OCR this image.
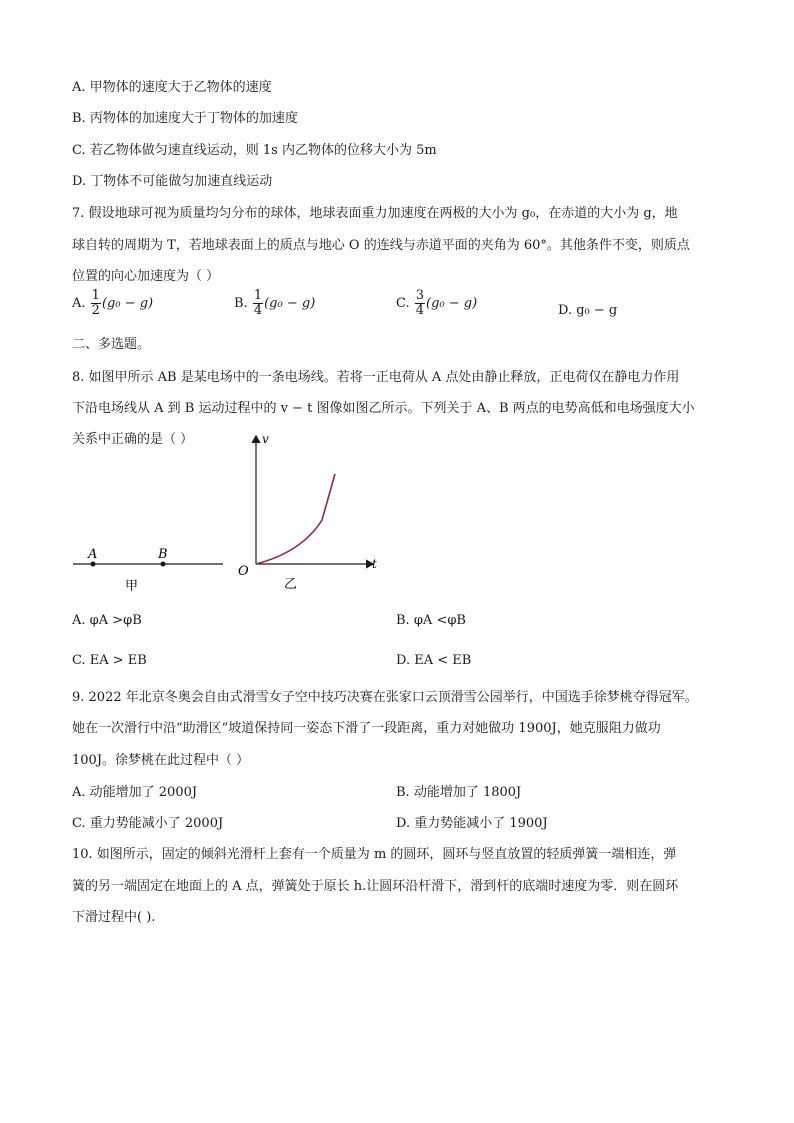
A. 甲物体的速度大于乙物体的速度
B. 丙物体的加速度大于丁物体的加速度
C. 若乙物体做匀速直线运动，则 1s 内乙物体的位移大小为 5m
D. 丁物体不可能做匀加速直线运动
7. 假设地球可视为质量均匀分布的球体，地球表面重力加速度在两极的大小为 g₀，在赤道的大小为 g，地
球自转的周期为 T，若地球表面上的质点与地心 O 的连线与赤道平面的夹角为 60°。其他条件不变，则质点
位置的向心加速度为（ ）
A. $\frac{1}{2} (g_0 - g)$	B. $\frac{1}{4} (g_0 - g)$	C. $\frac{3}{4} (g_0 - g)$	D. g₀ − g
二、多选题。
8. 如图甲所示 AB 是某电场中的一条电场线。若将一正电荷从 A 点处由静止释放，正电荷仅在静电力作用
下沿电场线从 A 到 B 运动过程中的 v − t 图像如图乙所示。下列关于 A、B 两点的电势高低和电场强度大小
关系中正确的是（ ）
A	B
甲
v
t
O
乙
A. φA >φB	B. φA <φB
C. EA > EB	D. EA < EB
9. 2022 年北京冬奥会自由式滑雪女子空中技巧决赛在张家口云顶滑雪公园举行，中国选手徐梦桃夺得冠军。
她在一次滑行中沿“助滑区”坡道保持同一姿态下滑了一段距离，重力对她做功 1900J，她克服阻力做功
100J。徐梦桃在此过程中（ ）
A. 动能增加了 2000J	B. 动能增加了 1800J
C. 重力势能减小了 2000J	D. 重力势能减小了 1900J
10. 如图所示，固定的倾斜光滑杆上套有一个质量为 m 的圆环，圆环与竖直放置的轻质弹簧一端相连，弹
簧的另一端固定在地面上的 A 点，弹簧处于原长 h.让圆环沿杆滑下，滑到杆的底端时速度为零．则在圆环
下滑过程中( ).
